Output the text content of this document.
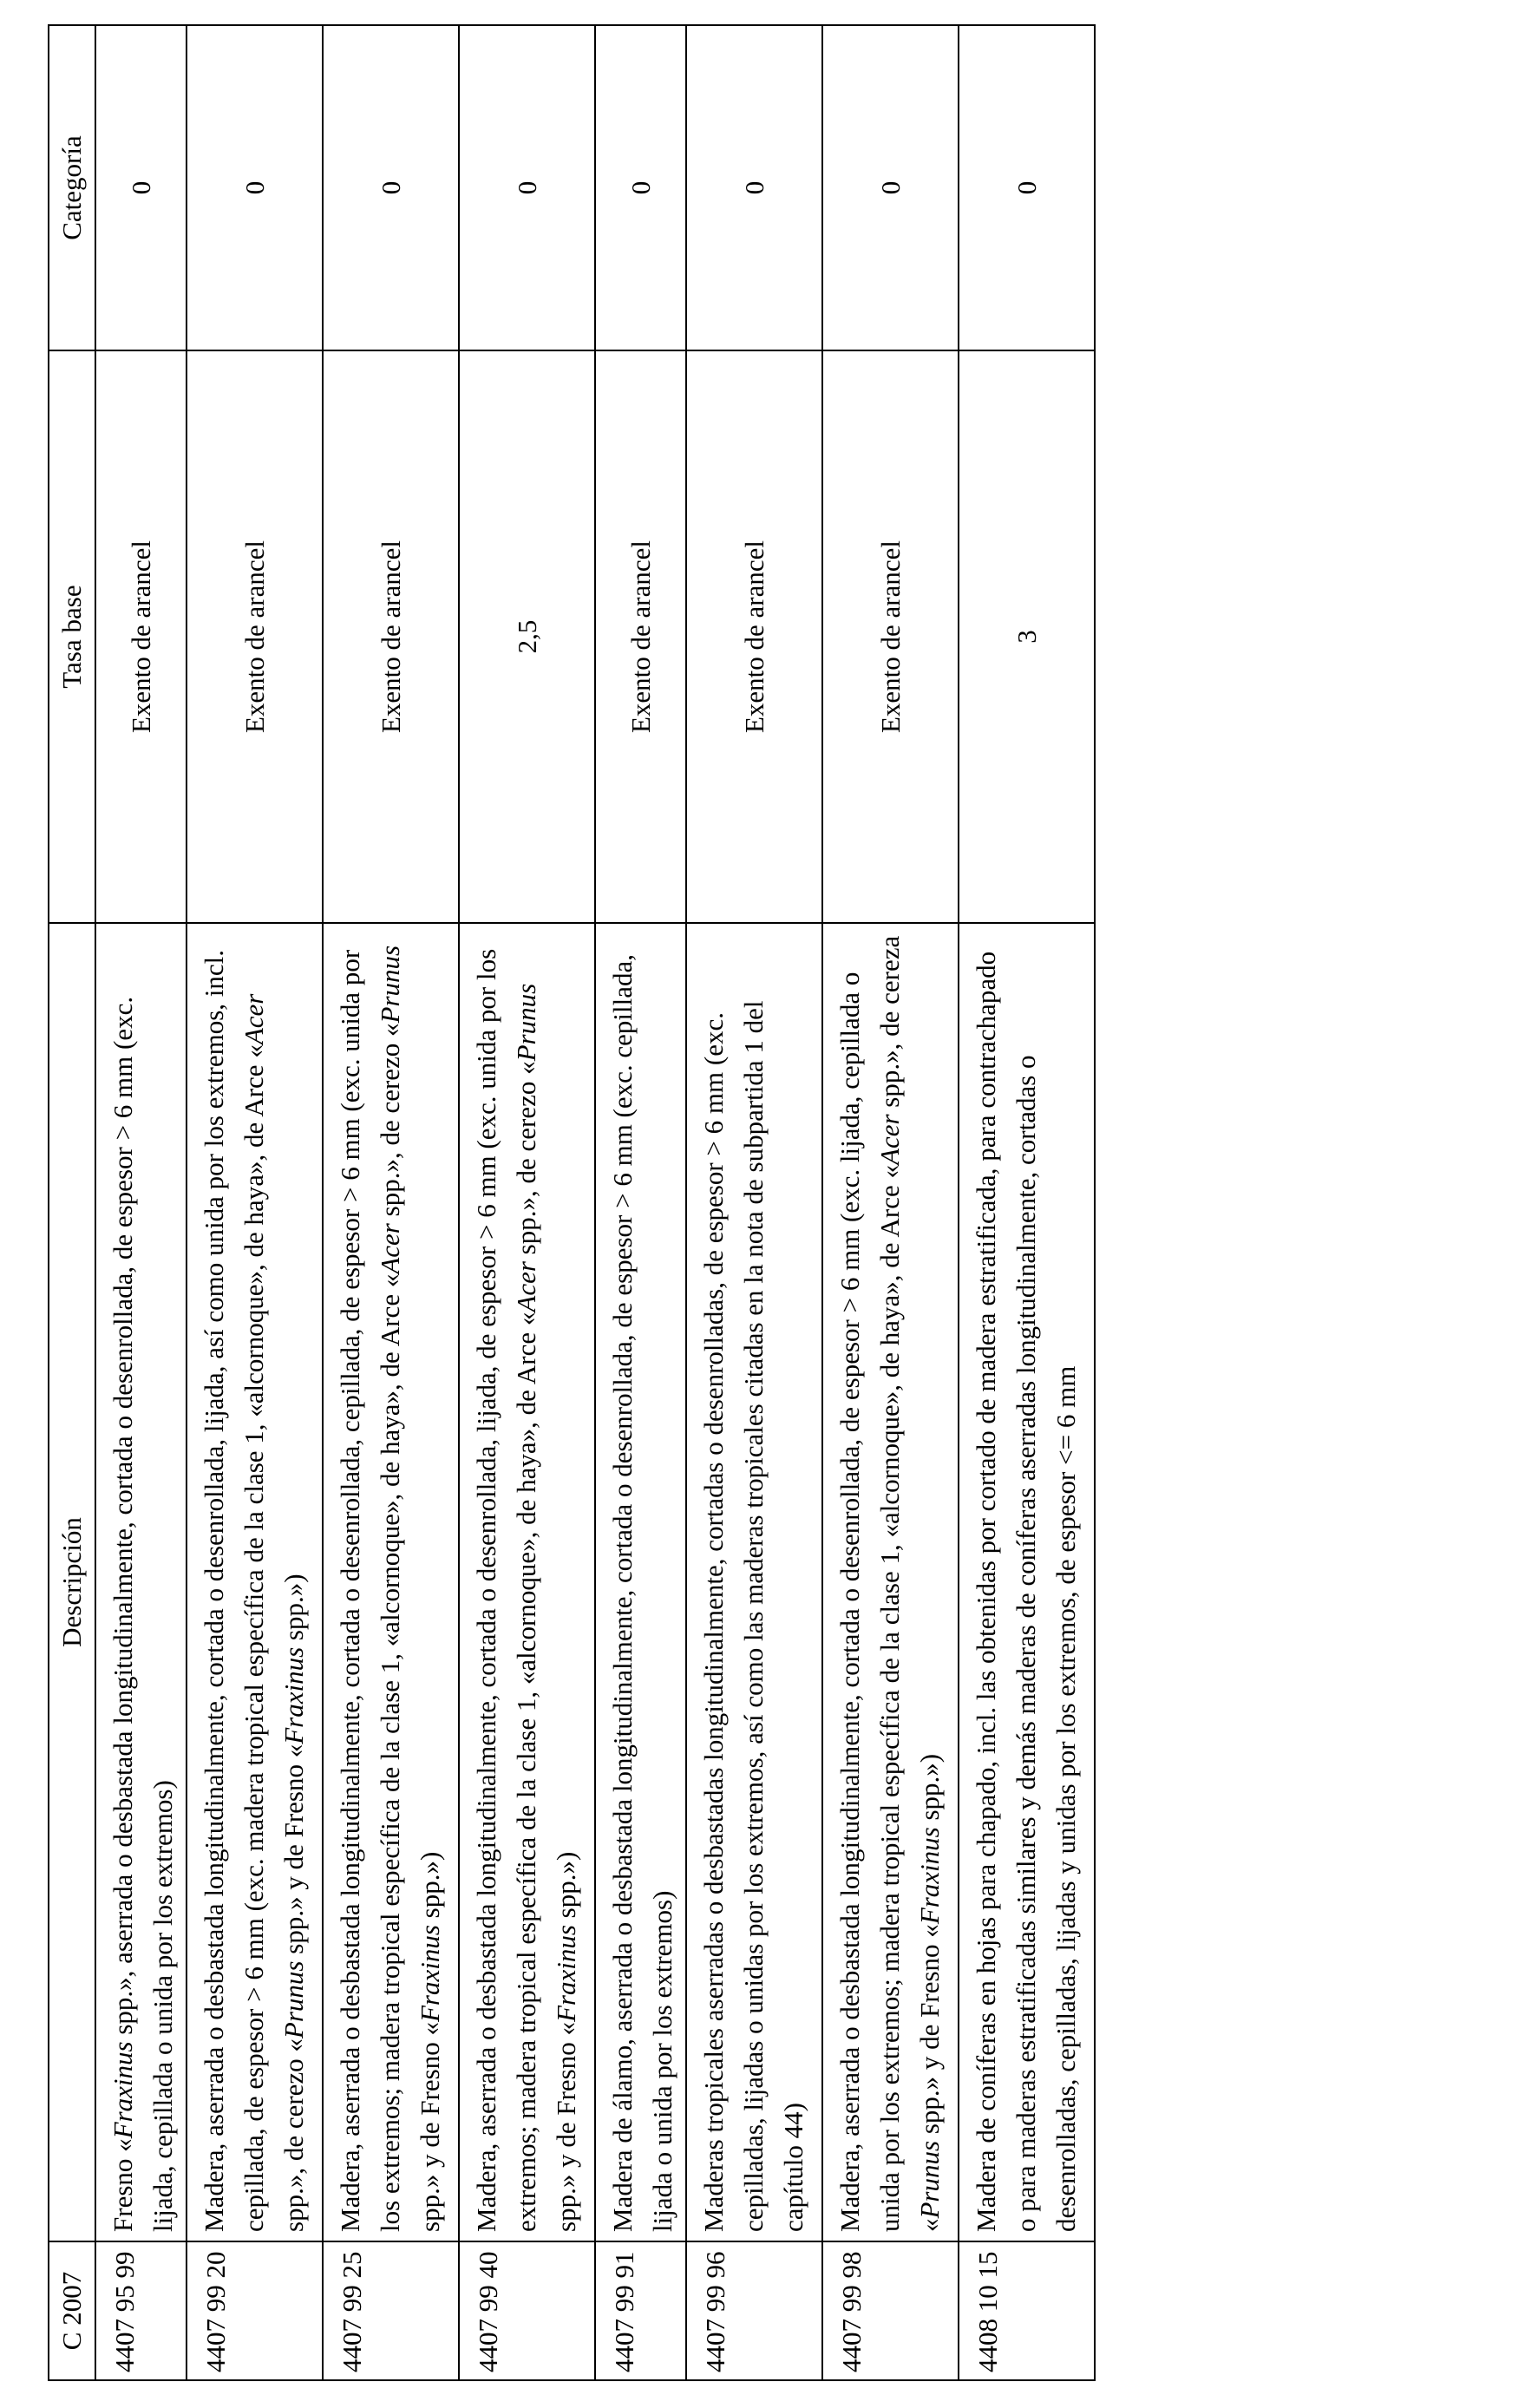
C 2007	Descripción	Tasa base	Categoría
4407 95 99	Fresno «Fraxinus spp.», aserrada o desbastada longitudinalmente, cortada o desenrollada, de espesor > 6 mm (exc. lijada, cepillada o unida por los extremos)	Exento de arancel	0
4407 99 20	Madera, aserrada o desbastada longitudinalmente, cortada o desenrollada, lijada, así como unida por los extremos, incl. cepillada, de espesor > 6 mm (exc. madera tropical específica de la clase 1, «alcornoque», de haya», de Arce «Acer spp.», de cerezo «Prunus spp.» y de Fresno «Fraxinus spp.»)	Exento de arancel	0
4407 99 25	Madera, aserrada o desbastada longitudinalmente, cortada o desenrollada, cepillada, de espesor > 6 mm (exc. unida por los extremos; madera tropical específica de la clase 1, «alcornoque», de haya», de Arce «Acer spp.», de cerezo «Prunus spp.» y de Fresno «Fraxinus spp.»)	Exento de arancel	0
4407 99 40	Madera, aserrada o desbastada longitudinalmente, cortada o desenrollada, lijada, de espesor > 6 mm (exc. unida por los extremos; madera tropical específica de la clase 1, «alcornoque», de haya», de Arce «Acer spp.», de cerezo «Prunus spp.» y de Fresno «Fraxinus spp.»)	2,5	0
4407 99 91	Madera de álamo, aserrada o desbastada longitudinalmente, cortada o desenrollada, de espesor > 6 mm (exc. cepillada, lijada o unida por los extremos)	Exento de arancel	0
4407 99 96	Maderas tropicales aserradas o desbastadas longitudinalmente, cortadas o desenrolladas, de espesor > 6 mm (exc. cepilladas, lijadas o unidas por los extremos, así como las maderas tropicales citadas en la nota de subpartida 1 del capítulo 44)	Exento de arancel	0
4407 99 98	Madera, aserrada o desbastada longitudinalmente, cortada o desenrollada, de espesor > 6 mm (exc. lijada, cepillada o unida por los extremos; madera tropical específica de la clase 1, «alcornoque», de haya», de Arce «Acer spp.», de cereza «Prunus spp.» y de Fresno «Fraxinus spp.»)	Exento de arancel	0
4408 10 15	Madera de coníferas en hojas para chapado, incl. las obtenidas por cortado de madera estratificada, para contrachapado o para maderas estratificadas similares y demás maderas de coníferas aserradas longitudinalmente, cortadas o desenrolladas, cepilladas, lijadas y unidas por los extremos, de espesor <= 6 mm	3	0
